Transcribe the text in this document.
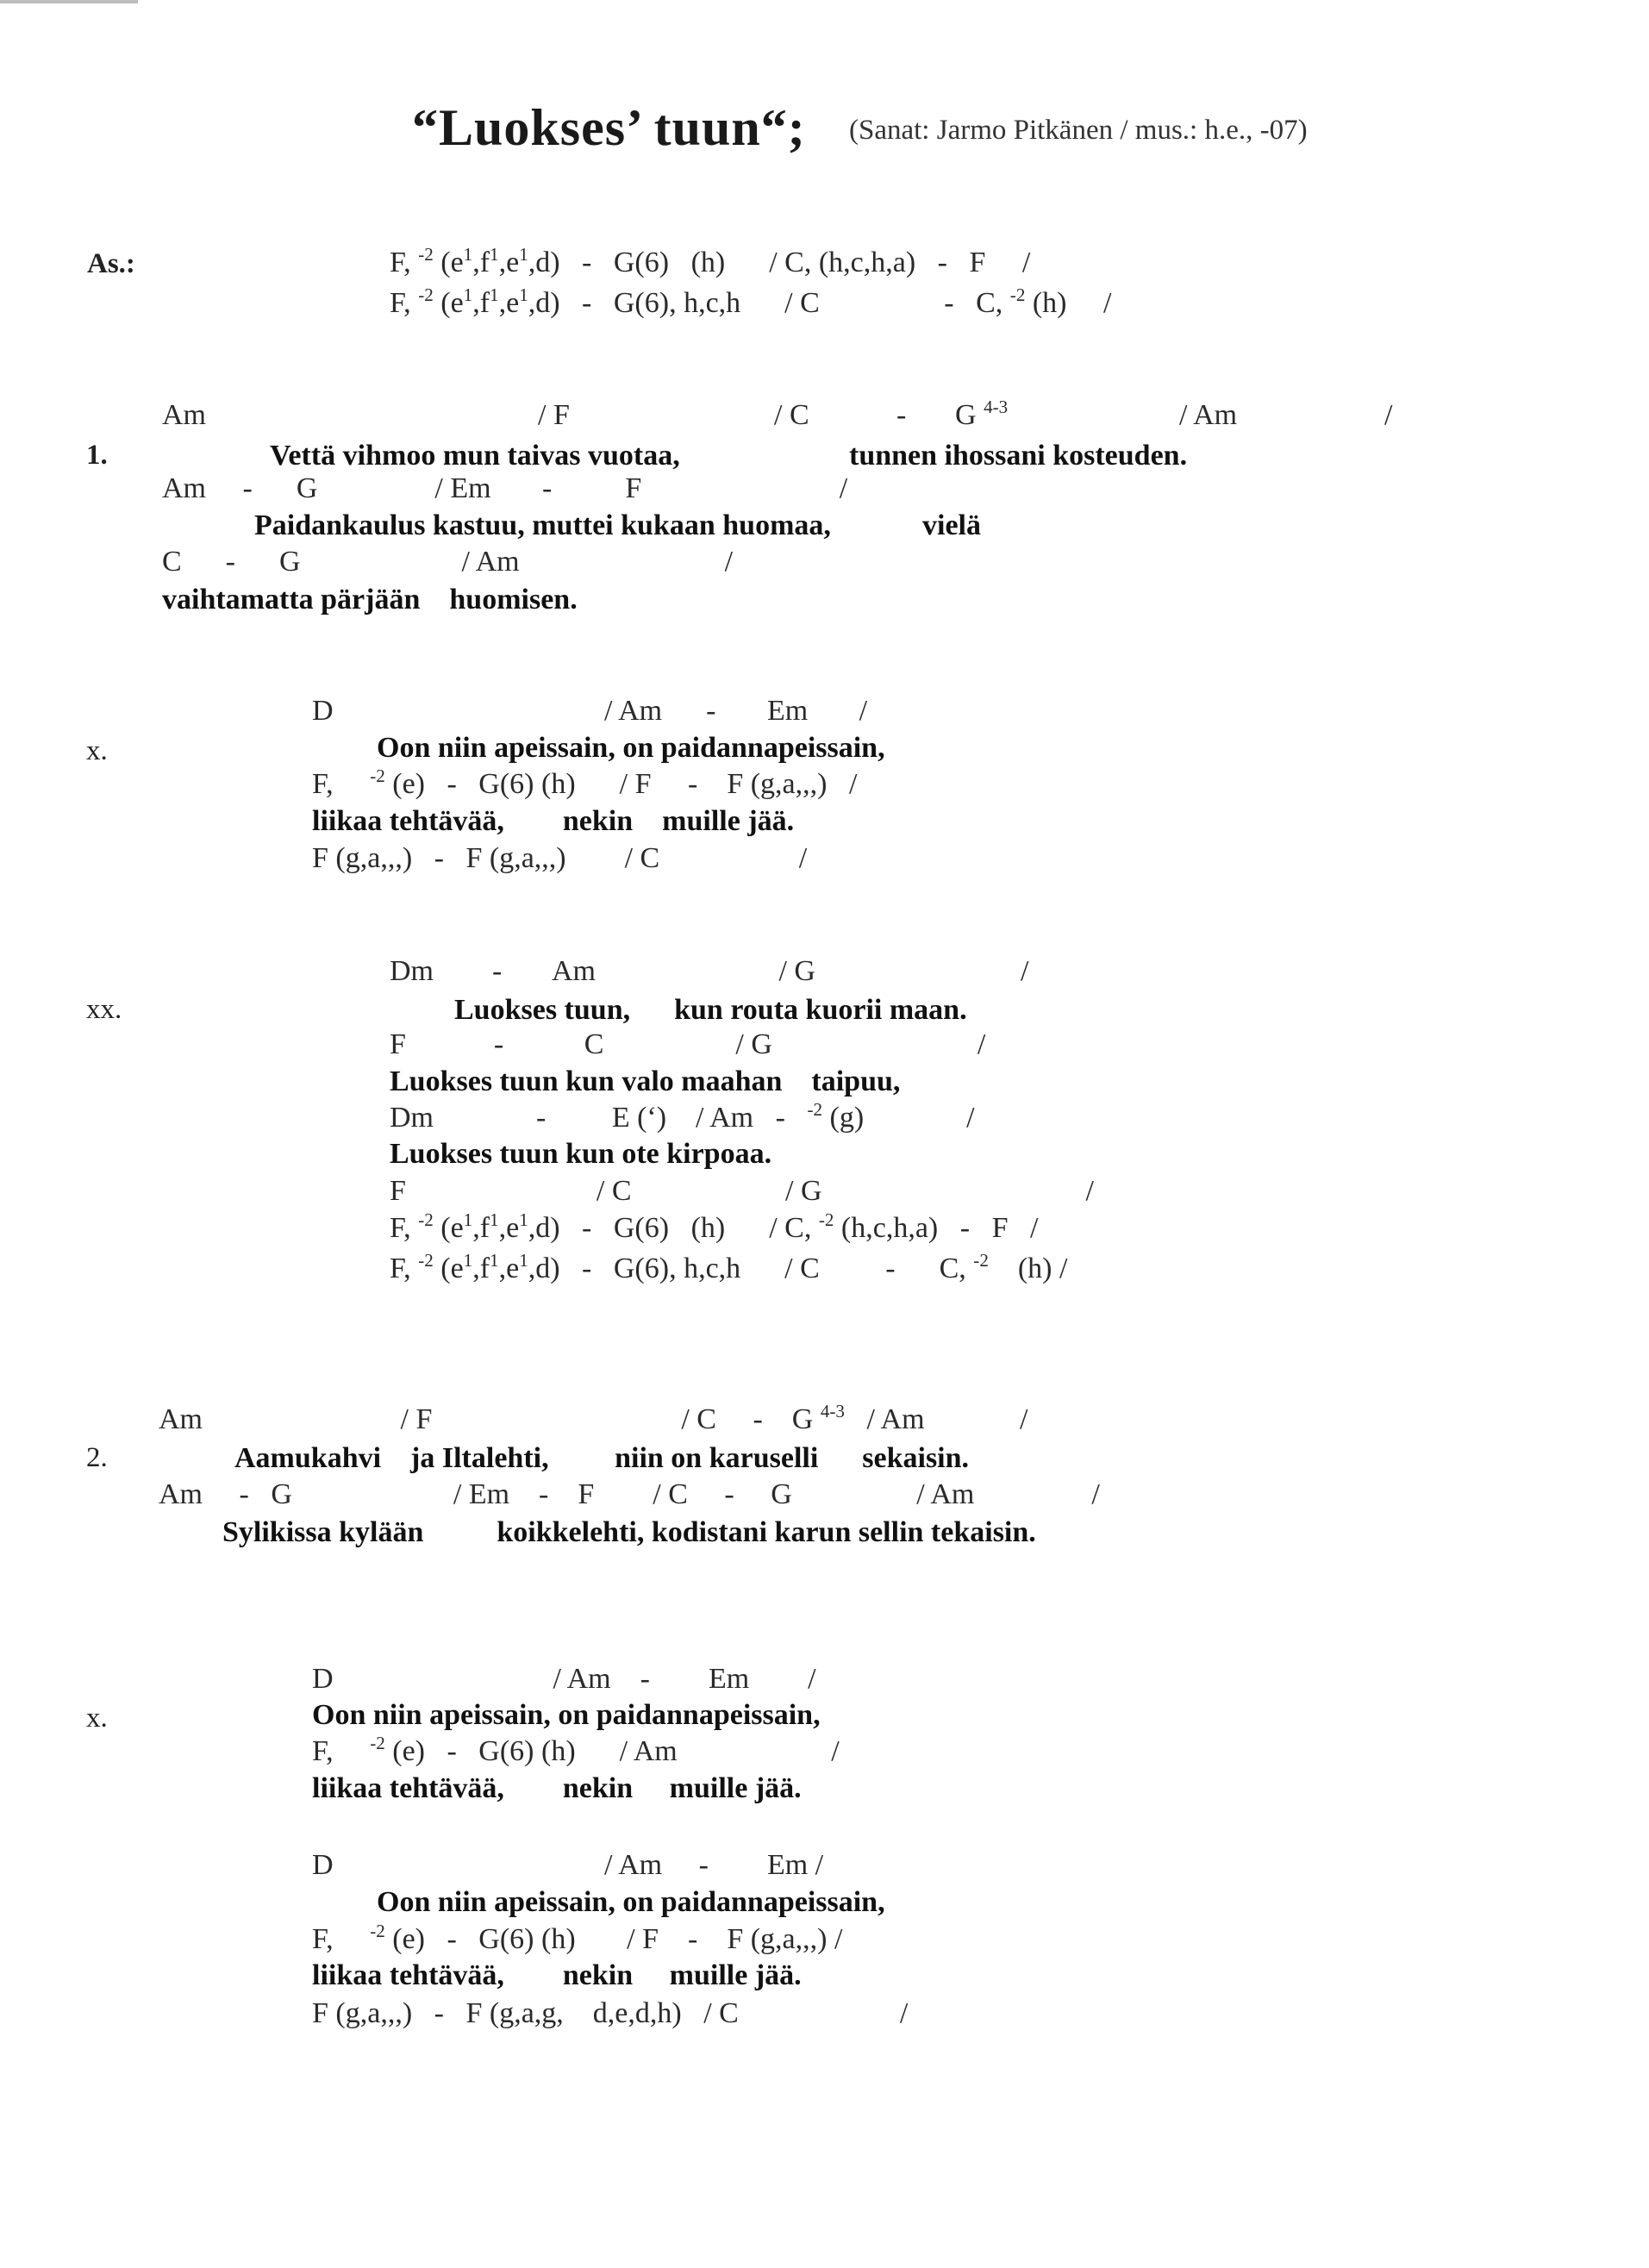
“Luokses’ tuun“; (Sanat: Jarmo Pitkänen / mus.: h.e., -07)
As.:	F, $^{-2}$ $(e^1,f^1,e^1,d) - G(6)$   (h)      / C, (h,c,h,a)   -   F     /
F, $^{-2}$ $(e^1,f^1,e^1,d) - G(6)$, h,c,h      / C                 -   C, $^{-2}$ (h)     /
Am	/ F	/ C	- G $^{4-3}$	/ Am	/
1.	Vettä vihmoo mun taivas vuotaa,	tunnen ihossani kosteuden.
Am     -      G                / Em       -          F                           /
Paidankaulus kastuu, muttei kukaan huomaa,	vielä
C      -      G                      / Am                            /
vaihtamatta pärjään    huomisen.
D                                     / Am      -       Em       /
x.	Oon niin apeissain, on paidannapeissain,
F,     $^{-2}$ (e)   -   G(6) (h)      / F     -    F (g,a,,,)   /
liikaa tehtävää,        nekin    muille jää.
F (g,a,,,)   -   F (g,a,,,)        / C                   /
Dm        -       Am                         / G                            /
xx.	Luokses tuun,      kun routa kuorii maan.
F            -           C                  / G                            /
Luokses tuun kun valo maahan    taipuu,
Dm              -         E (‘)    / Am   -   $^{-2}$ (g)              /
Luokses tuun kun ote kirpoaa.
F                          / C                     / G                                    /
F, $^{-2}$ $(e^1,f^1,e^1,d) - G(6)$   (h)      / C, $^{-2}$ (h,c,h,a)   -   F   /
F, $^{-2}$ $(e^1,f^1,e^1,d) - G(6)$, h,c,h      / C         -      C, $^{-2}$    (h) /
Am                           / F                                  / C     -    G $^{4-3}$   / Am             /
2.	Aamukahvi    ja Iltalehti,         niin on karuselli      sekaisin.
Am     -   G                      / Em    -    F        / C     -     G                 / Am                /
Sylikissa kylään          koikkelehti, kodistani karun sellin tekaisin.
D                              / Am    -        Em        /
x.	Oon niin apeissain, on paidannapeissain,
F,     $^{-2}$ (e)   -   G(6) (h)      / Am                     /
liikaa tehtävää,        nekin     muille jää.
D                                     / Am     -        Em /
Oon niin apeissain, on paidannapeissain,
F,     $^{-2}$ (e)   -   G(6) (h)       / F    -    F (g,a,,,) /
liikaa tehtävää,        nekin     muille jää.
F (g,a,,,)   -   F (g,a,g,    d,e,d,h)   / C                      /
